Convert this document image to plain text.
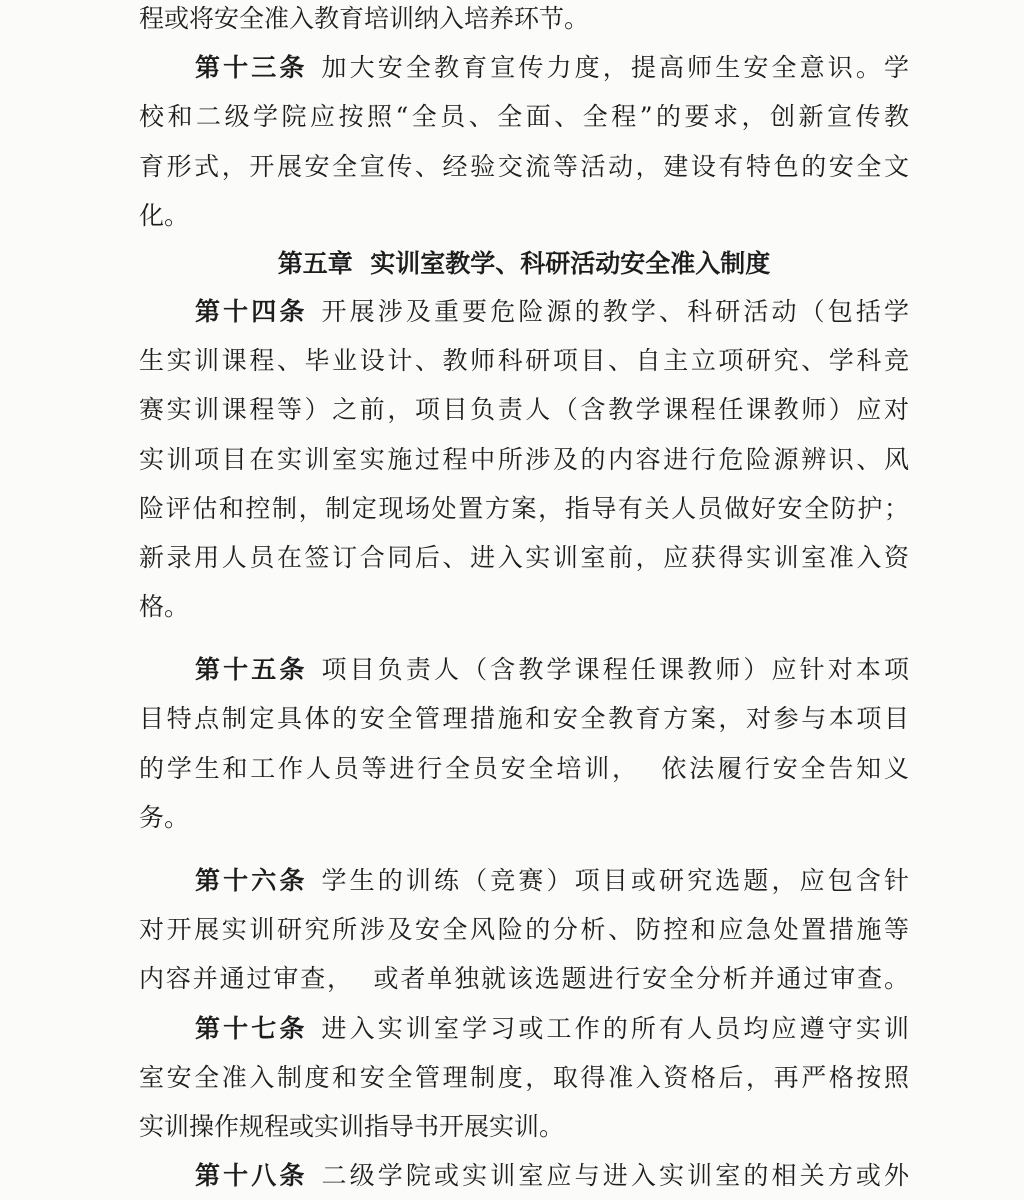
程或将安全准入教育培训纳入培养环节。
第十三条 加大安全教育宣传力度，提高师生安全意识。学
校和二级学院应按照“全员、全面、全程”的要求，创新宣传教
育形式，开展安全宣传、经验交流等活动，建设有特色的安全文
化。
第五章  实训室教学、科研活动安全准入制度
第十四条 开展涉及重要危险源的教学、科研活动（包括学
生实训课程、毕业设计、教师科研项目、自主立项研究、学科竞
赛实训课程等）之前，项目负责人（含教学课程任课教师）应对
实训项目在实训室实施过程中所涉及的内容进行危险源辨识、风
险评估和控制，制定现场处置方案，指导有关人员做好安全防护；
新录用人员在签订合同后、进入实训室前，应获得实训室准入资
格。
第十五条 项目负责人（含教学课程任课教师）应针对本项
目特点制定具体的安全管理措施和安全教育方案，对参与本项目
的学生和工作人员等进行全员安全培训，  依法履行安全告知义
务。
第十六条 学生的训练（竞赛）项目或研究选题，应包含针
对开展实训研究所涉及安全风险的分析、防控和应急处置措施等
内容并通过审查，  或者单独就该选题进行安全分析并通过审查。
第十七条 进入实训室学习或工作的所有人员均应遵守实训
室安全准入制度和安全管理制度，取得准入资格后，再严格按照
实训操作规程或实训指导书开展实训。
第十八条 二级学院或实训室应与进入实训室的相关方或外
